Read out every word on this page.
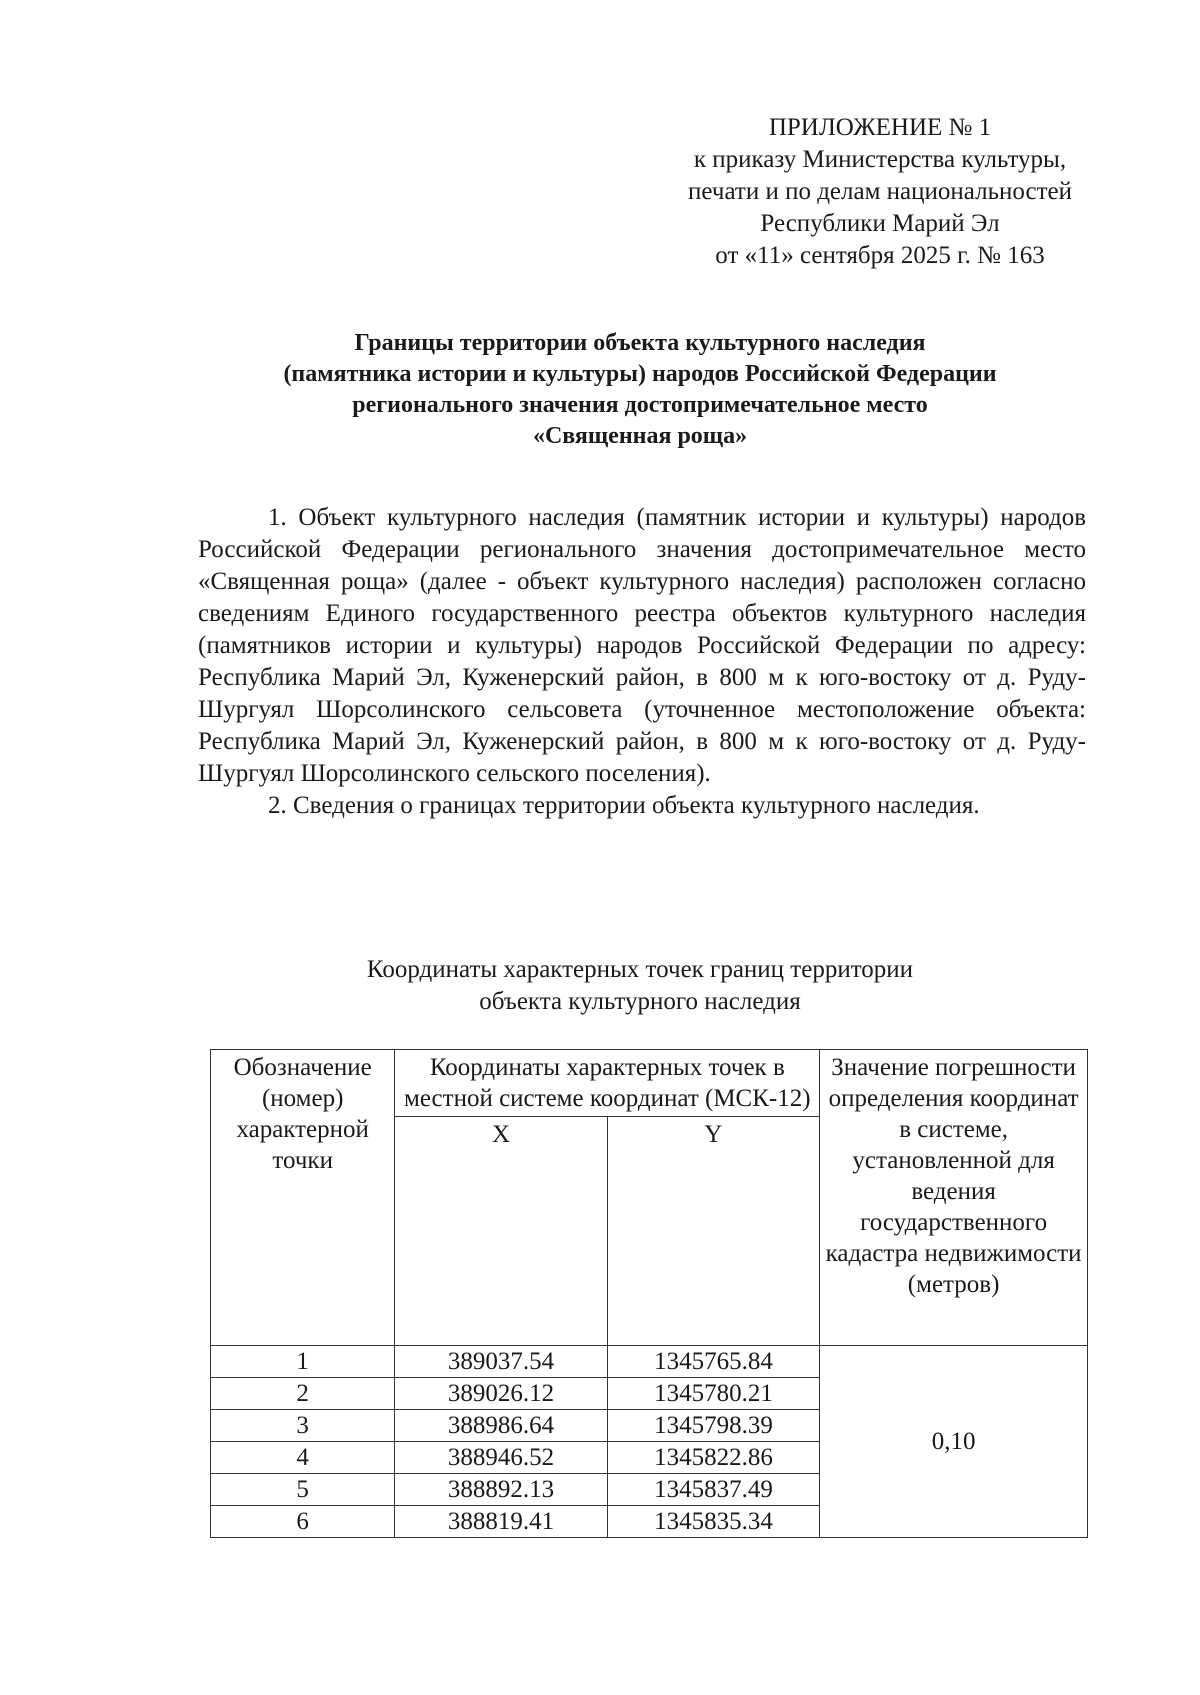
ПРИЛОЖЕНИЕ № 1
к приказу Министерства культуры,
печати и по делам национальностей
Республики Марий Эл
от «11» сентября 2025 г. № 163
Границы территории объекта культурного наследия
(памятника истории и культуры) народов Российской Федерации
регионального значения достопримечательное место
«Священная роща»

1. Объект культурного наследия (памятник истории и культуры) народов Российской Федерации регионального значения достопримечательное место «Священная роща» (далее - объект культурного наследия) расположен согласно сведениям Единого государственного реестра объектов культурного наследия (памятников истории и культуры) народов Российской Федерации по адресу: Республика Марий Эл, Куженерский район, в 800 м к юго-востоку от д. Руду-Шургуял Шорсолинского сельсовета (уточненное местоположение объекта: Республика Марий Эл, Куженерский район, в 800 м к юго-востоку от д. Руду-Шургуял Шорсолинского сельского поселения).

2. Сведения о границах территории объекта культурного наследия.

Координаты характерных точек границ территории
объекта культурного наследия
Обозначение (номер) характерной точки	Координаты характерных точек в местной системе координат (МСК-12)		Значение погрешности определения координат в системе, установленной для ведения государственного кадастра недвижимости (метров)
	X	Y	
1	389037.54	1345765.84	0,10
2	389026.12	1345780.21	
3	388986.64	1345798.39	
4	388946.52	1345822.86	
5	388892.13	1345837.49	
6	388819.41	1345835.34	
